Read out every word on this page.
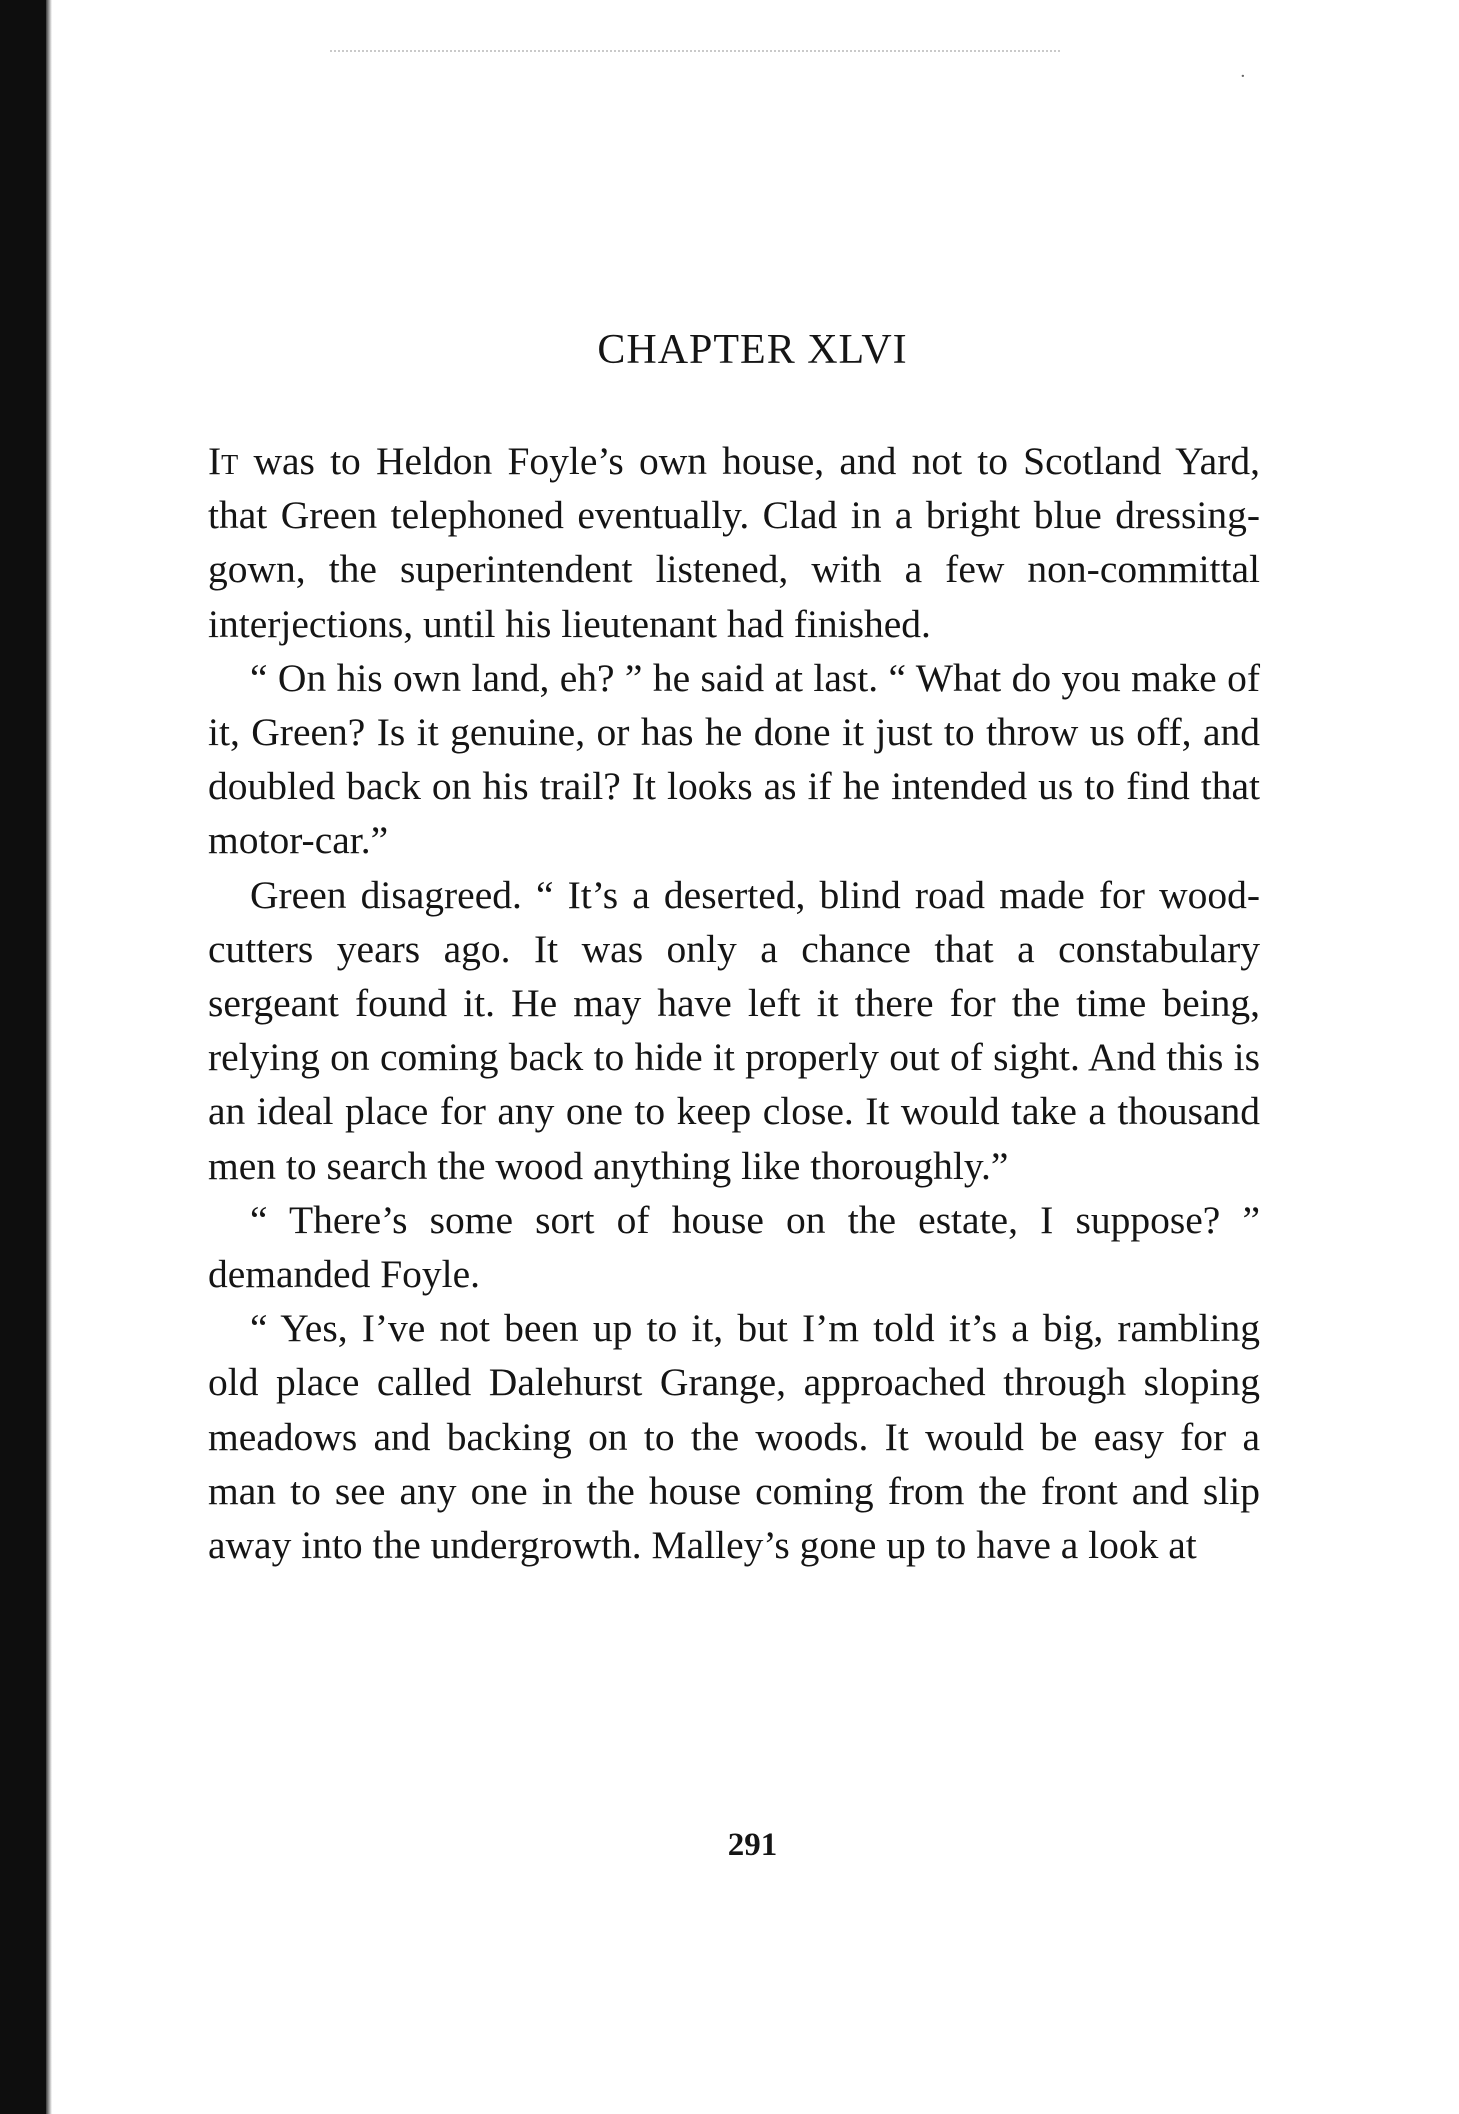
·
CHAPTER XLVI

It was to Heldon Foyle’s own house, and not to Scotland Yard, that Green telephoned eventually. Clad in a bright blue dressing-gown, the superintendent listened, with a few non-committal interjections, until his lieutenant had finished.

“ On his own land, eh? ” he said at last. “ What do you make of it, Green? Is it genuine, or has he done it just to throw us off, and doubled back on his trail? It looks as if he intended us to find that motor-car.”

Green disagreed. “ It’s a deserted, blind road made for wood-cutters years ago. It was only a chance that a constabulary sergeant found it. He may have left it there for the time being, relying on coming back to hide it properly out of sight. And this is an ideal place for any one to keep close. It would take a thousand men to search the wood anything like thoroughly.”

“ There’s some sort of house on the estate, I suppose? ” demanded Foyle.

“ Yes, I’ve not been up to it, but I’m told it’s a big, rambling old place called Dalehurst Grange, approached through sloping meadows and backing on to the woods. It would be easy for a man to see any one in the house coming from the front and slip away into the undergrowth. Malley’s gone up to have a look at

291
